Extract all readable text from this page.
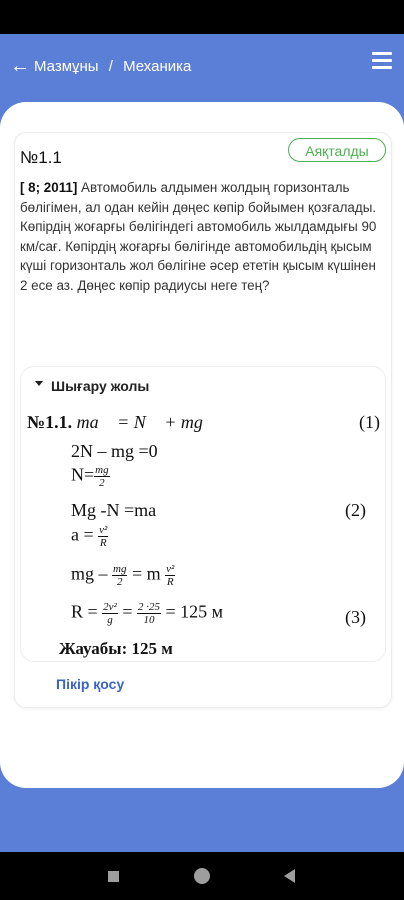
← Мазмұны / Механика
№1.1	Аяқталды
[ 8; 2011] Автомобиль алдымен жолдың горизонталь бөлігімен, ал одан кейін дөңес көпір бойымен қозғалады. Көпірдің жоғарғы бөлігіндегі автомобиль жылдамдығы 90 км/сағ. Көпірдің жоғарғы бөлігінде автомобильдің қысым күші горизонталь жол бөлігіне әсер ететін қысым күшінен 2 есе аз. Дөңес көпір радиусы неге тең?
Шығару жолы
№1.1. ma⃗ = N⃗ + mg⃗	(1)
2N – mg =0
$N= \frac{mg}{2}$
Mg -N =ma	(2)
$a = \frac{\text{v²}}{R}$
mg – $\frac{mg}{2} = m \frac{\text{v²}}{R}$
$R = \frac{\text{2v²}}{g} = \frac{2 \cdot 25}{10} = 125$ м	(3)
Жауабы: 125 м
Пікір қосу
